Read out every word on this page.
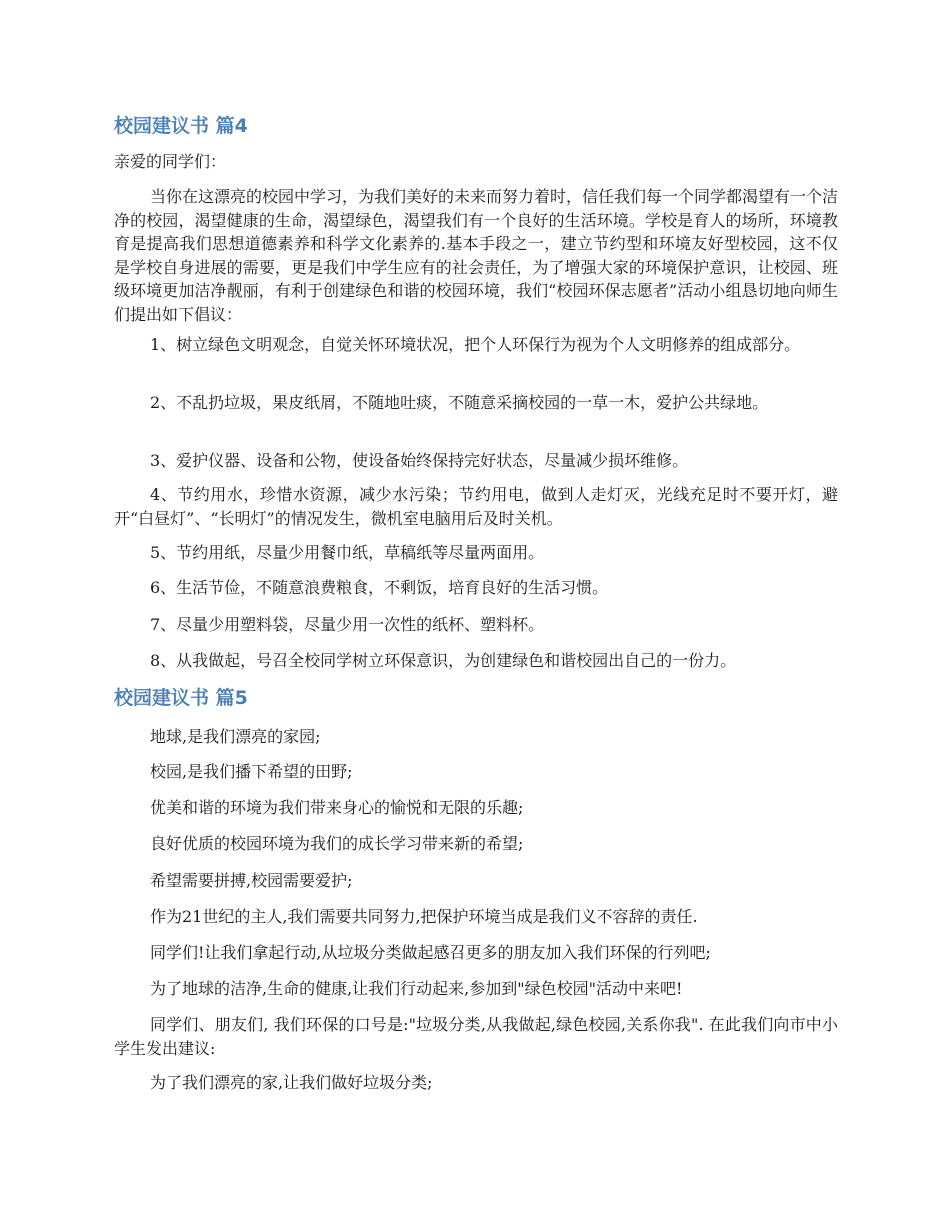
校园建议书 篇4
亲爱的同学们：
当你在这漂亮的校园中学习，为我们美好的未来而努力着时，信任我们每一个同学都渴望有一个洁净的校园，渴望健康的生命，渴望绿色，渴望我们有一个良好的生活环境。学校是育人的场所，环境教育是提高我们思想道德素养和科学文化素养的.基本手段之一，建立节约型和环境友好型校园，这不仅是学校自身进展的需要，更是我们中学生应有的社会责任，为了增强大家的环境保护意识，让校园、班级环境更加洁净靓丽，有利于创建绿色和谐的校园环境，我们“校园环保志愿者”活动小组恳切地向师生们提出如下倡议：
1、树立绿色文明观念，自觉关怀环境状况，把个人环保行为视为个人文明修养的组成部分。
2、不乱扔垃圾，果皮纸屑，不随地吐痰，不随意采摘校园的一草一木，爱护公共绿地。
3、爱护仪器、设备和公物，使设备始终保持完好状态，尽量减少损坏维修。
4、节约用水，珍惜水资源，减少水污染；节约用电，做到人走灯灭，光线充足时不要开灯，避开“白昼灯”、“长明灯”的情况发生，微机室电脑用后及时关机。
5、节约用纸，尽量少用餐巾纸，草稿纸等尽量两面用。
6、生活节俭，不随意浪费粮食，不剩饭，培育良好的生活习惯。
7、尽量少用塑料袋，尽量少用一次性的纸杯、塑料杯。
8、从我做起，号召全校同学树立环保意识，为创建绿色和谐校园出自己的一份力。
校园建议书 篇5
地球,是我们漂亮的家园;
校园,是我们播下希望的田野;
优美和谐的环境为我们带来身心的愉悦和无限的乐趣;
良好优质的校园环境为我们的成长学习带来新的希望;
希望需要拼搏,校园需要爱护;
作为21世纪的主人,我们需要共同努力,把保护环境当成是我们义不容辞的责任.
同学们!让我们拿起行动,从垃圾分类做起感召更多的朋友加入我们环保的行列吧;
为了地球的洁净,生命的健康,让我们行动起来,参加到"绿色校园"活动中来吧!
同学们、朋友们, 我们环保的口号是:"垃圾分类,从我做起,绿色校园,关系你我". 在此我们向市中小学生发出建议:
为了我们漂亮的家,让我们做好垃圾分类;
